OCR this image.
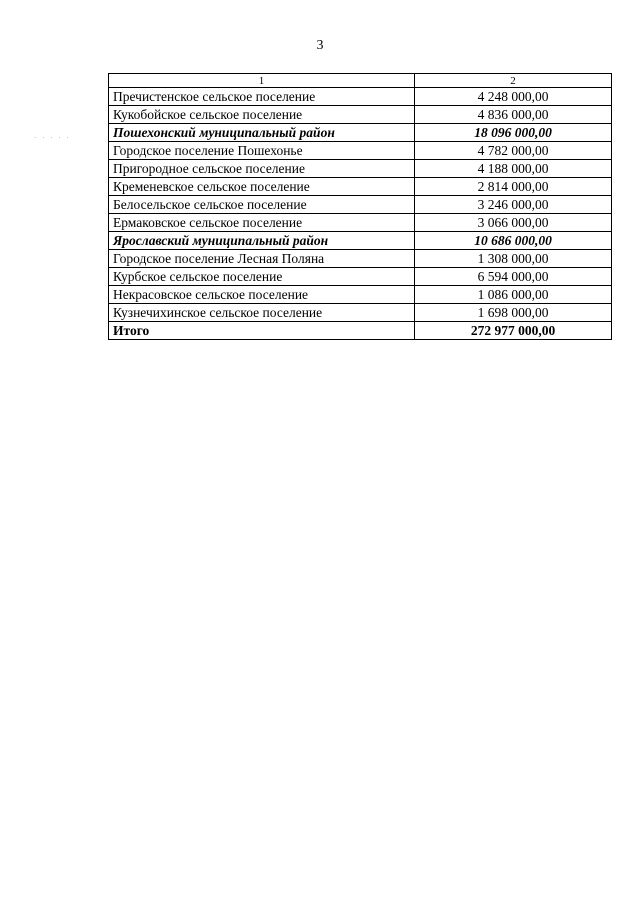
3
· · · · ·
1	2
Пречистенское сельское поселение	4 248 000,00
Кукобойское сельское поселение	4 836 000,00
Пошехонский муниципальный район	18 096 000,00
Городское поселение Пошехонье	4 782 000,00
Пригородное сельское поселение	4 188 000,00
Кременевское сельское поселение	2 814 000,00
Белосельское сельское поселение	3 246 000,00
Ермаковское сельское поселение	3 066 000,00
Ярославский муниципальный район	10 686 000,00
Городское поселение Лесная Поляна	1 308 000,00
Курбское сельское поселение	6 594 000,00
Некрасовское сельское поселение	1 086 000,00
Кузнечихинское сельское поселение	1 698 000,00
Итого	272 977 000,00
